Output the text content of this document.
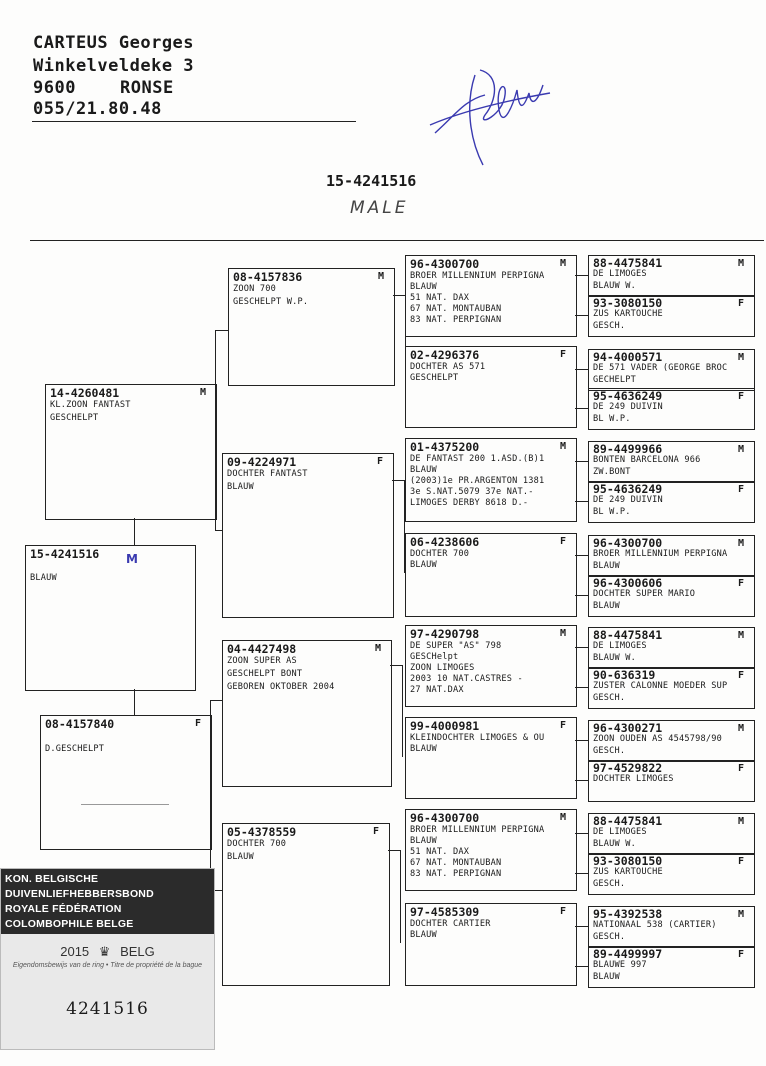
CARTEUS Georges
Winkelveldeke 3
9600	RONSE
055/21.80.48
15-4241516
MALE
15-4241516 M
BLAUW
14-4260481	M
KL.ZOON FANTAST
GESCHELPT
08-4157840	F
D.GESCHELPT
08-4157836	M
ZOON 700
GESCHELPT W.P.
09-4224971	F
DOCHTER FANTAST
BLAUW
04-4427498	M
ZOON SUPER AS
GESCHELPT BONT
GEBOREN OKTOBER 2004
05-4378559	F
DOCHTER 700
BLAUW
96-4300700	M
BROER MILLENNIUM PERPIGNA
BLAUW
51 NAT. DAX
67 NAT. MONTAUBAN
83 NAT. PERPIGNAN
02-4296376	F
DOCHTER AS 571
GESCHELPT
01-4375200	M
DE FANTAST 200 1.ASD.(B)1
BLAUW
(2003)1e PR.ARGENTON 1381
3e S.NAT.5079 37e NAT.-
LIMOGES DERBY 8618 D.-
06-4238606	F
DOCHTER 700
BLAUW
97-4290798	M
DE SUPER "AS" 798
GESCHelpt
ZOON LIMOGES
2003 10 NAT.CASTRES -
27 NAT.DAX
99-4000981	F
KLEINDOCHTER LIMOGES & OU
BLAUW
96-4300700	M
BROER MILLENNIUM PERPIGNA
BLAUW
51 NAT. DAX
67 NAT. MONTAUBAN
83 NAT. PERPIGNAN
97-4585309	F
DOCHTER CARTIER
BLAUW
88-4475841	M
DE LIMOGES
BLAUW W.
93-3080150	F
ZUS KARTOUCHE
GESCH.
94-4000571	M
DE 571 VADER (GEORGE BROC
GECHELPT
95-4636249	F
DE 249 DUIVIN
BL W.P.
89-4499966	M
BONTEN BARCELONA 966
ZW.BONT
95-4636249	F
DE 249 DUIVIN
BL W.P.
96-4300700	M
BROER MILLENNIUM PERPIGNA
BLAUW
96-4300606	F
DOCHTER SUPER MARIO
BLAUW
88-4475841	M
DE LIMOGES
BLAUW W.
90-636319	F
ZUSTER CALONNE MOEDER SUP
GESCH.
96-4300271	M
ZOON OUDEN AS 4545798/90
GESCH.
97-4529822	F
DOCHTER LIMOGES
88-4475841	M
DE LIMOGES
BLAUW W.
93-3080150	F
ZUS KARTOUCHE
GESCH.
95-4392538	M
NATIONAAL 538 (CARTIER)
GESCH.
89-4499997	F
BLAUWE 997
BLAUW
KON. BELGISCHE DUIVENLIEFHEBBERSBOND
ROYALE FÉDÉRATION COLOMBOPHILE BELGE
2015 ♛ BELG
Eigendomsbewijs van de ring • Titre de propriété de la bague
4241516
